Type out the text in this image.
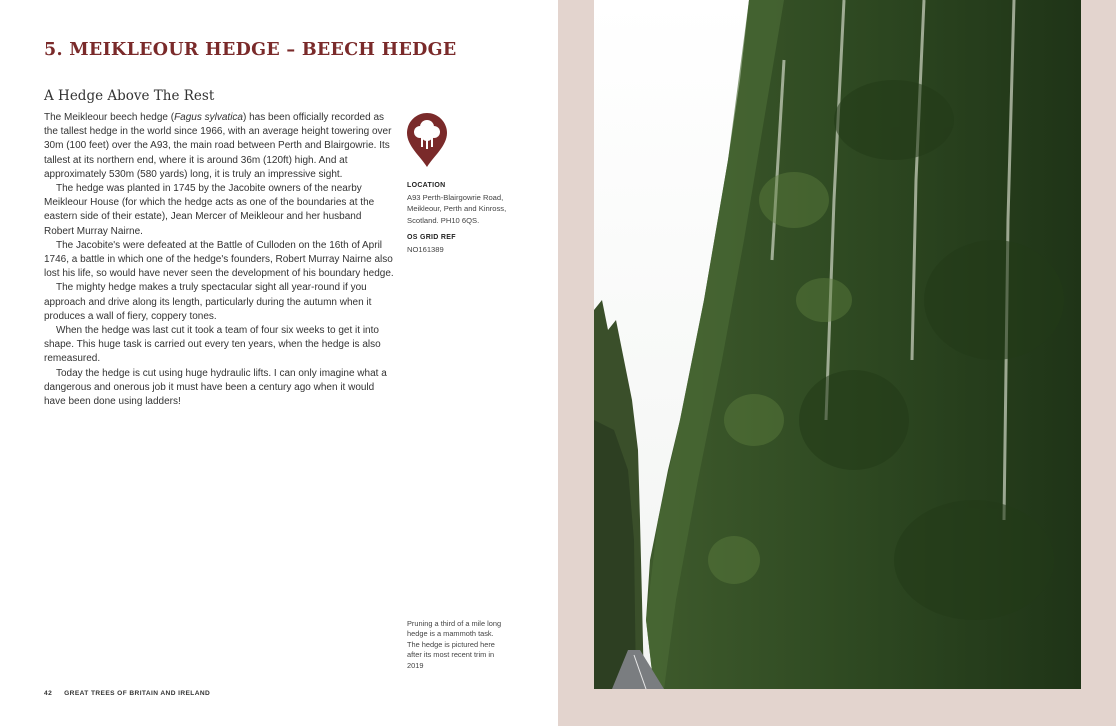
5. MEIKLEOUR HEDGE – BEECH HEDGE
A Hedge Above The Rest

The Meikleour beech hedge (Fagus sylvatica) has been officially recorded as the tallest hedge in the world since 1966, with an average height towering over 30m (100 feet) over the A93, the main road between Perth and Blairgowrie. Its tallest at its northern end, where it is around 36m (120ft) high. And at approximately 530m (580 yards) long, it is truly an impressive sight.

The hedge was planted in 1745 by the Jacobite owners of the nearby Meikleour House (for which the hedge acts as one of the boundaries at the eastern side of their estate), Jean Mercer of Meikleour and her husband Robert Murray Nairne.

The Jacobite's were defeated at the Battle of Culloden on the 16th of April 1746, a battle in which one of the hedge's founders, Robert Murray Nairne also lost his life, so would have never seen the development of his boundary hedge.

The mighty hedge makes a truly spectacular sight all year-round if you approach and drive along its length, particularly during the autumn when it produces a wall of fiery, coppery tones.

When the hedge was last cut it took a team of four six weeks to get it into shape. This huge task is carried out every ten years, when the hedge is also remeasured.

Today the hedge is cut using huge hydraulic lifts. I can only imagine what a dangerous and onerous job it must have been a century ago when it would have been done using ladders!

LOCATION
A93 Perth-Blairgowrie Road, Meikleour, Perth and Kinross, Scotland. PH10 6QS.
OS GRID REF
NO161389
Pruning a third of a mile long hedge is a mammoth task. The hedge is pictured here after its most recent trim in 2019
42 GREAT TREES OF BRITAIN AND IRELAND
